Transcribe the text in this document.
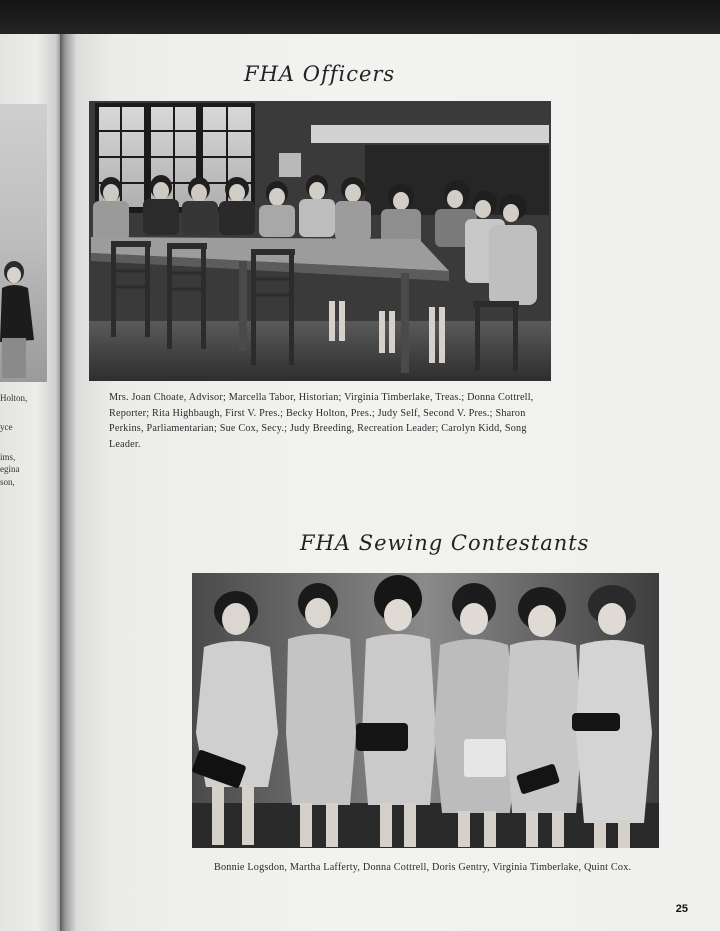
Holton,
yce
ims,
egina
son,
FHA Officers
Mrs. Joan Choate, Advisor; Marcella Tabor, Historian; Virginia Timberlake, Treas.; Donna Cottrell, Reporter; Rita Highbaugh, First V. Pres.; Becky Holton, Pres.; Judy Self, Second V. Pres.; Sharon Perkins, Parliamentarian; Sue Cox, Secy.; Judy Breeding, Recreation Leader; Carolyn Kidd, Song Leader.
FHA Sewing Contestants
Bonnie Logsdon, Martha Lafferty, Donna Cottrell, Doris Gentry, Virginia Timberlake, Quint Cox.
25
